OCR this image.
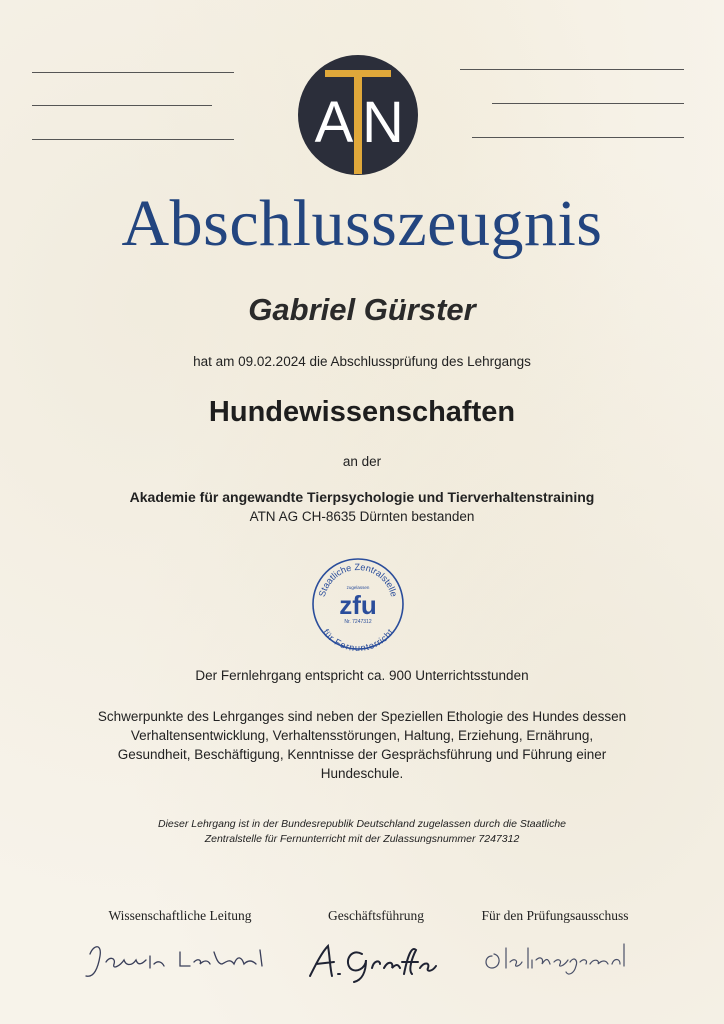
A N
Abschlusszeugnis
Gabriel Gürster
hat am 09.02.2024 die Abschlussprüfung des Lehrgangs
Hundewissenschaften
an der
Akademie für angewandte Tierpsychologie und Tierverhaltenstraining
ATN AG CH-8635 Dürnten bestanden
Staatliche Zentralstelle
für Fernunterricht
zugelassen
zfu
Nr. 7247312
Der Fernlehrgang entspricht ca. 900 Unterrichtsstunden
Schwerpunkte des Lehrganges sind neben der Speziellen Ethologie des Hundes dessen Verhaltensentwicklung, Verhaltensstörungen, Haltung, Erziehung, Ernährung, Gesundheit, Beschäftigung, Kenntnisse der Gesprächsführung und Führung einer Hundeschule.
Dieser Lehrgang ist in der Bundesrepublik Deutschland zugelassen durch die Staatliche Zentralstelle für Fernunterricht mit der Zulassungsnummer 7247312
Wissenschaftliche Leitung	Geschäftsführung	Für den Prüfungsausschuss
